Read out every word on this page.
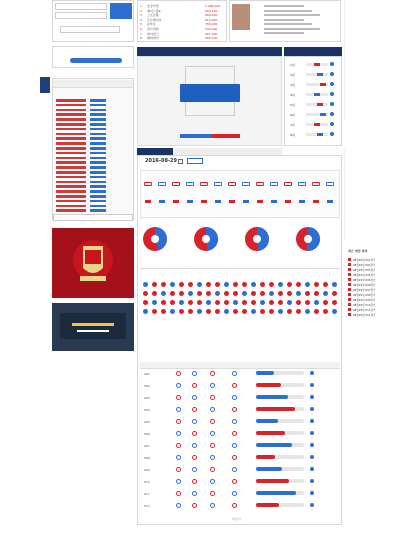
2016-08-29
더보기
최근 게임 결과
1 호랑이킹	1,286,000
2 베이스볼K	904,150
3 스포츠왕	860,400
4 토토매니아	812,000
5 승부사	765,200
6 골드러쉬	540,000
7 와이번스	421,000
8 해피데이	380,500
1위
2위
3위
4위
5위
6위
7위
8위
001
002
003
004
005
006
007
008
009
010
011
012
08월29일 001경기
08월29일 002경기
08월29일 003경기
08월29일 004경기
08월29일 005경기
08월29일 006경기
08월29일 007경기
08월29일 008경기
08월29일 009경기
08월29일 010경기
08월29일 011경기
08월29일 012경기
